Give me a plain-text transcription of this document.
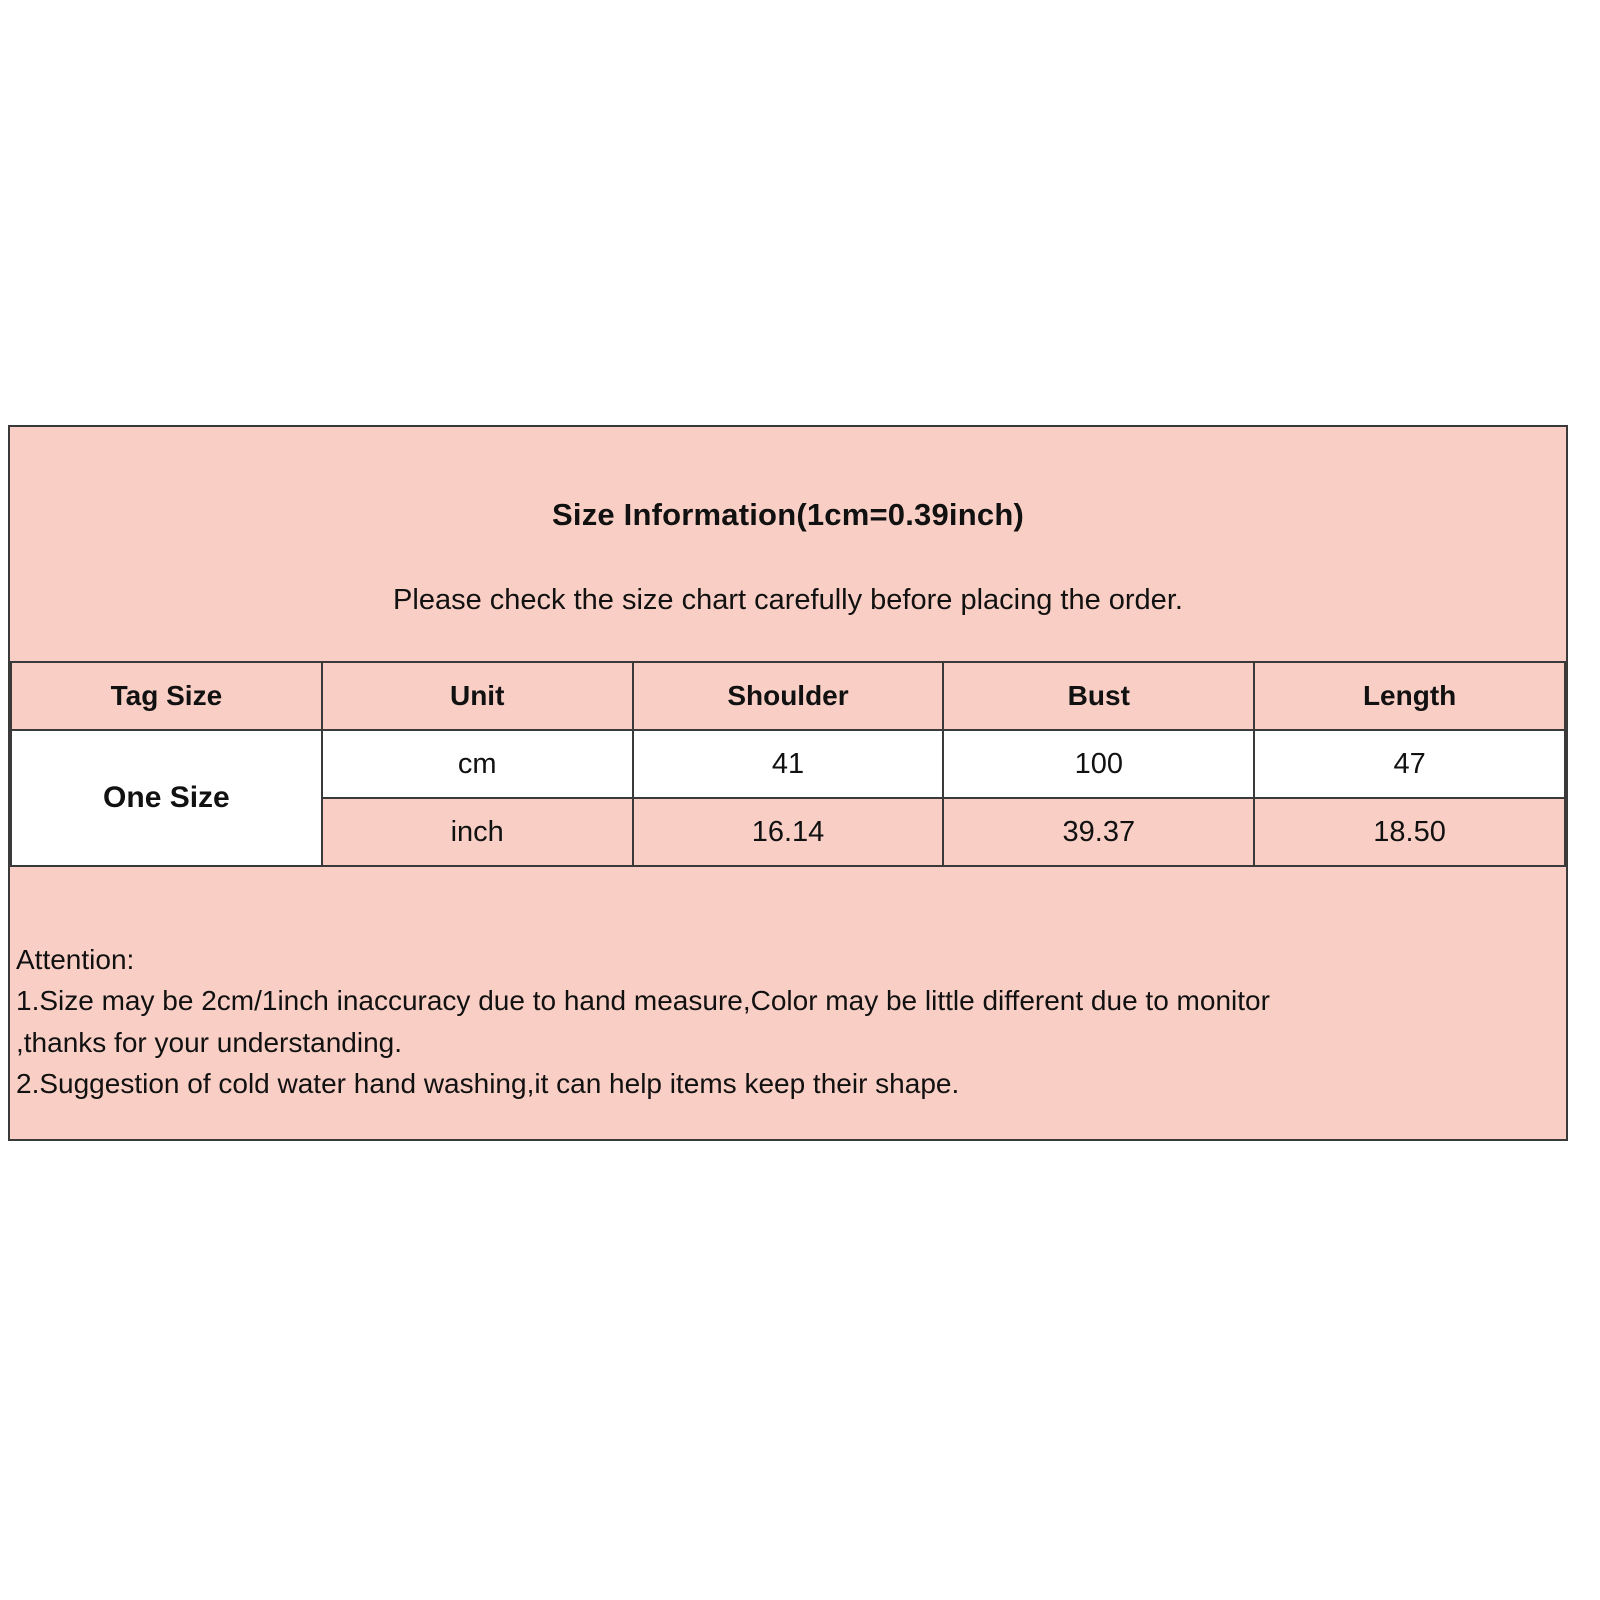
Size Information(1cm=0.39inch)
Please check the size chart carefully before placing the order.
Tag Size	Unit	Shoulder	Bust	Length
One Size	cm	41	100	47
	inch	16.14	39.37	18.50
Attention:
1.Size may be 2cm/1inch inaccuracy due to hand measure,Color may be little different due to monitor
,thanks for your understanding.
2.Suggestion of cold water hand washing,it can help items keep their shape.
